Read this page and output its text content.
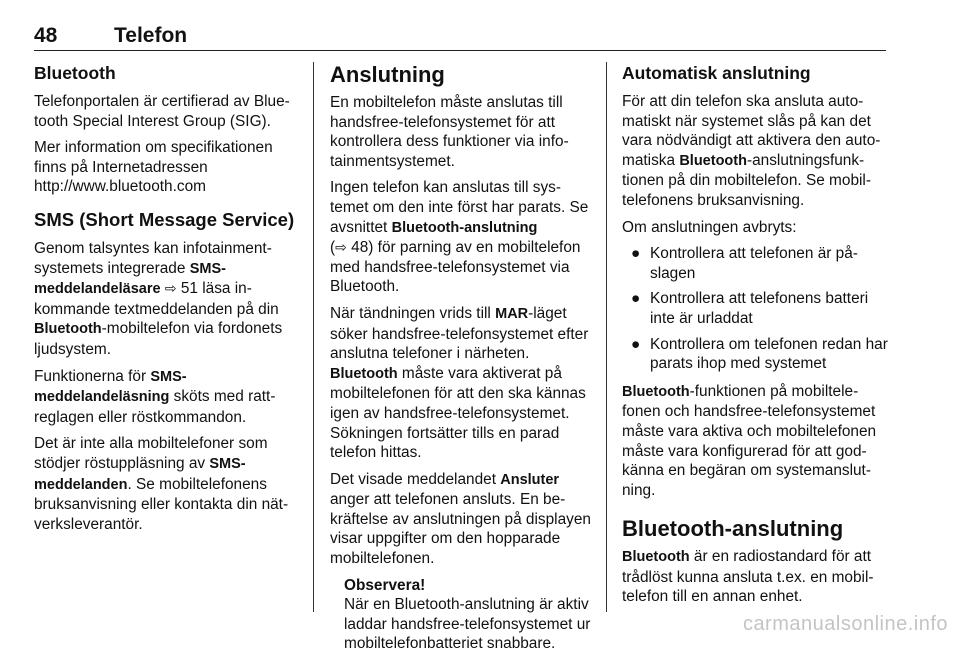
48	Telefon
Bluetooth

Telefonportalen är certifierad av Bluetooth Special Interest Group (SIG).

Mer information om specifikationen finns på Internetadressen http://www.bluetooth.com

SMS (Short Message Service)

Genom talsyntes kan infotainmentsystemets integrerade SMS-meddelandeläsare ⇨ 51 läsa inkommande textmeddelanden på din Bluetooth-mobiltelefon via fordonets ljudsystem.

Funktionerna för SMS-meddelandeläsning sköts med rattreglagen eller röstkommandon.

Det är inte alla mobiltelefoner som stödjer röstuppläsning av SMS-meddelanden. Se mobiltelefonens bruksanvisning eller kontakta din nätverksleverantör.

Anslutning

En mobiltelefon måste anslutas till handsfree-telefonsystemet för att kontrollera dess funktioner via infotainmentsystemet.

Ingen telefon kan anslutas till systemet om den inte först har parats. Se avsnittet Bluetooth-anslutning
(⇨ 48) för parning av en mobiltelefon med handsfree-telefonsystemet via Bluetooth.

När tändningen vrids till MAR-läget söker handsfree-telefonsystemet efter anslutna telefoner i närheten. Bluetooth måste vara aktiverat på mobiltelefonen för att den ska kännas igen av handsfree-telefonsystemet. Sökningen fortsätter tills en parad telefon hittas.

Det visade meddelandet Ansluter anger att telefonen ansluts. En bekräftelse av anslutningen på displayen visar uppgifter om den hopparade mobiltelefonen.

Observera!
När en Bluetooth-anslutning är aktiv laddar handsfree-telefonsystemet ur mobiltelefonbatteriet snabbare.
Automatisk anslutning

För att din telefon ska ansluta automatiskt när systemet slås på kan det vara nödvändigt att aktivera den automatiska Bluetooth-anslutningsfunktionen på din mobiltelefon. Se mobiltelefonens bruksanvisning.

Om anslutningen avbryts:

● Kontrollera att telefonen är påslagen
● Kontrollera att telefonens batteri inte är urladdat
● Kontrollera om telefonen redan har parats ihop med systemet

Bluetooth-funktionen på mobiltelefonen och handsfree-telefonsystemet måste vara aktiva och mobiltelefonen måste vara konfigurerad för att godkänna en begäran om systemanslutning.

Bluetooth-anslutning

Bluetooth är en radiostandard för att trådlöst kunna ansluta t.ex. en mobiltelefon till en annan enhet.

carmanualsonline.info
